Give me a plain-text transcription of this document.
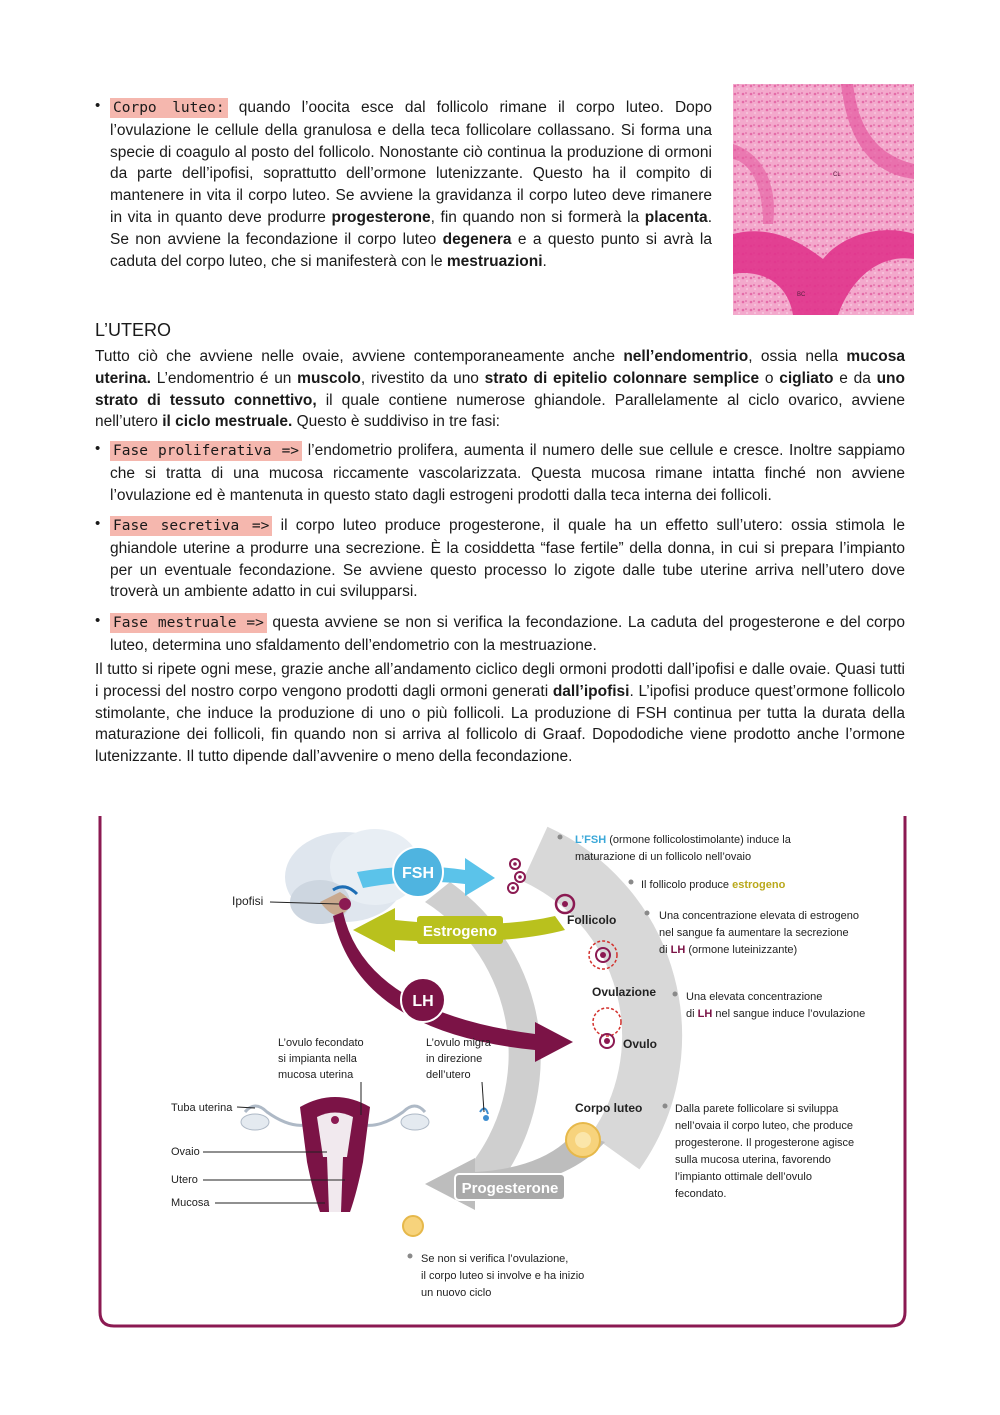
• Corpo luteo: quando l’oocita esce dal follicolo rimane il corpo luteo. Dopo l’ovulazione le cellule della granulosa e della teca follicolare collassano. Si forma una specie di coagulo al posto del follicolo. Nonostante ciò continua la produzione di ormoni da parte dell’ipofisi, soprattutto dell’ormone lutenizzante. Questo ha il compito di mantenere in vita il corpo luteo. Se avviene la gravidanza il corpo luteo deve rimanere in vita in quanto deve produrre progesterone, fin quando non si formerà la placenta. Se non avviene la fecondazione il corpo luteo degenera e a questo punto si avrà la caduta del corpo luteo, che si manifesterà con le mestruazioni.
CL
BC
L’UTERO
Tutto ciò che avviene nelle ovaie, avviene contemporaneamente anche nell’endomentrio, ossia nella mucosa uterina. L’endomentrio é un muscolo, rivestito da uno strato di epitelio colonnare semplice o cigliato e da uno strato di tessuto connettivo, il quale contiene numerose ghiandole. Parallelamente al ciclo ovarico, avviene nell’utero il ciclo mestruale. Questo è suddiviso in tre fasi:
• Fase proliferativa => l’endometrio prolifera, aumenta il numero delle sue cellule e cresce. Inoltre sappiamo che si tratta di una mucosa riccamente vascolarizzata. Questa mucosa rimane intatta finché non avviene l’ovulazione ed è mantenuta in questo stato dagli estrogeni prodotti dalla teca interna dei follicoli.
• Fase secretiva => il corpo luteo produce progesterone, il quale ha un effetto sull’utero: ossia stimola le ghiandole uterine a produrre una secrezione. È la cosiddetta “fase fertile” della donna, in cui si prepara l’impianto per un eventuale fecondazione. Se avviene questo processo lo zigote dalle tube uterine arriva nell’utero dove troverà un ambiente adatto in cui svilupparsi.
• Fase mestruale => questa avviene se non si verifica la fecondazione. La caduta del progesterone e del corpo luteo, determina uno sfaldamento dell’endometrio con la mestruazione.
Il tutto si ripete ogni mese, grazie anche all’andamento ciclico degli ormoni prodotti dall’ipofisi e dalle ovaie. Quasi tutti i processi del nostro corpo vengono prodotti dagli ormoni generati dall’ipofisi. L’ipofisi produce quest’ormone follicolo stimolante, che induce la produzione di uno o più follicoli. La produzione di FSH continua per tutta la durata della maturazione dei follicoli, fin quando non si arriva al follicolo di Graaf. Dopododiche viene prodotto anche l’ormone lutenizzante. Il tutto dipende dall’avvenire o meno della fecondazione.
FSH
Estrogeno
LH
Ipofisi
Follicolo
Ovulazione
Ovulo
Corpo luteo
Progesterone
L’ovulo fecondato
si impianta nella
mucosa uterina
L’ovulo migra
in direzione
dell’utero
Tuba uterina
Ovaio
Utero
Mucosa
L’FSH (ormone follicolostimolante) induce la
maturazione di un follicolo nell’ovaio
Il follicolo produce estrogeno
Una concentrazione elevata di estrogeno
nel sangue fa aumentare la secrezione
di LH (ormone luteinizzante)
Una elevata concentrazione
di LH nel sangue induce l’ovulazione
Dalla parete follicolare si sviluppa
nell’ovaia il corpo luteo, che produce
progesterone. Il progesterone agisce
sulla mucosa uterina, favorendo
l’impianto ottimale dell’ovulo
fecondato.
Se non si verifica l’ovulazione,
il corpo luteo si involve e ha inizio
un nuovo ciclo
